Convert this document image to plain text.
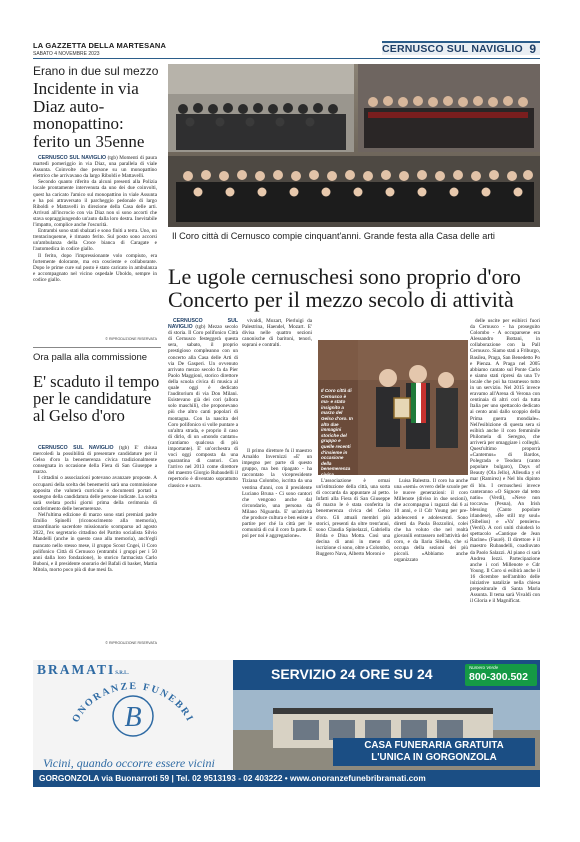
LA GAZZETTA DELLA MARTESANA
SABATO 4 NOVEMBRE 2023	CERNUSCO SUL NAVIGLIO 9
Erano in due sul mezzo
Incidente in via Diaz auto-monopattino: ferito un 35enne

CERNUSCO SUL NAVIGLIO (tgb) Momenti di paura martedì pomeriggio in via Diaz, una parallela di viale Assunta. Coinvolte due persone su un monopattino elettrico che arrivavano da largo Riboldi e Mattavelli.

Secondo quanto riferito da alcuni presenti alla Polizia locale prontamente intervenuta da uno dei due coinvolti, quest ha caricato l'amico sul monopattino in viale Assunta e ha poi attraversato il parcheggio pedonale di largo Riboldi e Mattavelli in direzione della Casa delle arti. Arrivati all'incrocio con via Diaz non si sono accorti che stava sopraggiungendo un'auto dalla loro destra. Inevitabile l'impatto, complice anche l'oscurità.

Entrambi sono stati sbalzati e sono finiti a terra. Uno, un trentacinquenne, è rimasto ferito. Sul posto sono accorsi un'ambulanza della Croce bianca di Caragate e l'automedica in codice giallo.

Il ferito, dopo l'impressionante volo compiuto, era fortemente dolorante, ma era cosciente e collaborante. Dopo le prime cure sul posto è stato caricato in ambulanza e accompagnato nel vicino ospedale Uboldo, sempre in codice giallo.

© RIPRODUZIONE RISERVATA
Ora palla alla commissione
E' scaduto il tempo per le candidature al Gelso d'oro

CERNUSCO SUL NAVIGLIO (tgb) E' chiusa mercoledì la possibilità di presentare candidature per il Gelso d'oro la benemerenza civica tradizionalmente consegnata in occasione della Fiera di San Giuseppe a marzo.

I cittadini o associazioni potevano avanzare proposte. A occuparsi della scelta dei benemeriti sarà una commissione apposita che valuterà curricula e documenti portati a sostegno della candidatura delle persone indicate. La scelta sarà svelata pochi giorni prima della cerimonia di conferimento delle benemerenze.

Nell'ultima edizione di marzo sono stati premiati padre Emilio Spinelli (riconoscimento alla memoria), straordinario sacerdote missionario scomparso ad agosto 2022, l'ex segretario cittadino del Partito socialista Silvio Mandelli (anche in questo caso alla memoria), anch'egli mancato nello stesso mese, il gruppo Scout Cngei, il Coro polifonico Città di Cernusco (entrambi i gruppi per i 50 anni dalla loro fondazione), lo storico farmacista Carlo Buboni, e il presidente onorario del Bafali di basket, Mattia Mitola, morto poco più di due mesi fa.

© RIPRODUZIONE RISERVATA
Il Coro città di Cernusco compie cinquant'anni. Grande festa alla Casa delle arti
Le ugole cernuschesi sono proprio d'oro Concerto per il mezzo secolo di attività

CERNUSCO SUL NAVIGLIO (tgb) Mezzo secolo di storia. Il Coro polifonico Città di Cernusco festeggerà questa sera, sabato, il proprio prestigioso compleanno con un concerto alla Casa delle Arti di via De Gasperi. Un ovvenuto arrivato mezzo secolo fa da Pier Paolo Maggioni, storico direttore della scuola civica di musica al quale oggi è dedicato l'auditorium di via Don Milani. Esistevano già dei cori (allora solo maschili), che proponevano più che altro canti popolari di montagna. Con la nascita del Coro polifonico si volle puntare a un'altra strada, e proprio il caso di dirlo, di un «mondo cantato» (cantiamo qualcosa di più importante). E' un'orchestra di voci oggi composta da una quarantina di cantori. Con l'arrivo nel 2013 come direttore del maestro Giorgio Rubaudelli il repertorio è diventato soprattutto classico e sacro.

vivaldi, Mozart, Pierluigi da Palestrina, Haendel, Mozart. E' divisa nelle quattro sezioni canonische di baritoni, tenori, soprani e contralti.

Il primo direttore fu il maestro Arnaldo Invernizzi «E' un impegno per parte di questo gruppo, ma ben ripagato - ha raccontato la vicepresidente Tiziana Colombo, iscritta da una ventina d'anni, con il presidente Luciano Bruna - Ci sono cantori che vengono anche dal circondario, una persona da Milano Niguarda. E' un'attività che produce cultura e ben esiste a partire per ché la città per le comunità di cui il coro fa parte. E poi per noi è aggregazione».

Il Coro città di Cernusco è ma- e stato insignito a marzo del Gelso d'oro. In alto due immagini storiche del gruppo e quelle recenti d'insieme in occasione della benemerenza civica

L'associazione è ormai un'istituzione della città, una sorta di coccarda da appuntare al petto. Infatti alla Fiera di San Giuseppe di marzo le è stata conferita la benemerenza civica del Gelso d'oro. Gli attuali membri più storici, presenti da oltre trent'anni, sono Claudia Spinelazzi, Gabriella Brida e Dina Motta. Così una decina di anni in meno di iscrizione ci sono, oltre a Colombo, Ruggero Nava, Alberto Moroni e

Luisa Balestra. Il coro ha anche una «semi» ovvero delle scuole per le nuove generazioni: il coro Millenote (diviso in due sezioni), che accompagna i ragazzi dai 6 ai 10 anni, e il Cdr Young per pre-adolescenti e adolescenti. Sono diretti da Paola Bozzolini, colei che ha voluto che nel realtà giovanili entrassero nell'attività del coro, e da Ilaria Sibella, che si occupa della sezioni dei più piccoli. «Abbiamo anche organizzato

delle uscite per esibirci fuori da Cernusco - ha proseguito Colombo - A occuparsene era Alessandro Bottani, in collaborazione con la Pall Cernusco. Siamo stati a Friburgo, Basilea, Praga, San Benedetto Po e Pienza. A Praga nel 2005 abbiamo cantato sul Ponte Carlo e siamo stati ripresi da una Tv locale che poi ha trasmesso tutto in un servizio. Nel 2015 invece eravamo all'Arena di Verona con centinaia di altri cori da tutta Italia per uno spettacolo dedicato ai cento anni dallo scoppio della Prima guerra mondiale». Nell'esibizione di questa sera si esibirà anche il coro femminile Philomela di Seregno, che arriverà per omaggiare i colleghi. Quest'ultimo proporrà «Cantemus» di Bardos, Polegrada e Teodora (canto popolare bulgaro), Days of Beauty (Ola Jello), Alleudia y el mar (Ramirez) e Nel blu dipinto di blu. I cernuschesi invece canteranno «O Signore dal tetto natio» (Verdi), «Neve non toccava» (Pesna), An Irish blessing (Canto popolare irlandese), «Be still my soul» (Sibelius) e «Va' pensiero» (Verdi). A cori uniti chiuderà lo spettacolo «Cantique de Jean Racine» (Fauré). Il direttore è il maestro Rubaudelli, coadiuvato da Paolo Salazzi. Al piano ci sarà Andrea Iezzi. Partecipazione anche i cori Millenote e Cdr Young. Il Coro si esibirà anche il 16 dicembre nell'ambito delle iniziative natalizie nella chiesa prepositurale di Santa Maria Assunta. Il tema sarà Vivaldi con il Gloria e il Magnificat.

BRAMATIS.R.L.
ONORANZE FUNEBRI
B
SERVIZIO 24 ORE SU 24	Numero Verde
800-300.502
CASA FUNERARIA GRATUITA
L'UNICA IN GORGONZOLA
Vicini, quando occorre essere vicini
GORGONZOLA via Buonarroti 59 | Tel. 02 9513193 - 02 403222 • www.onoranzefunebribramati.com
